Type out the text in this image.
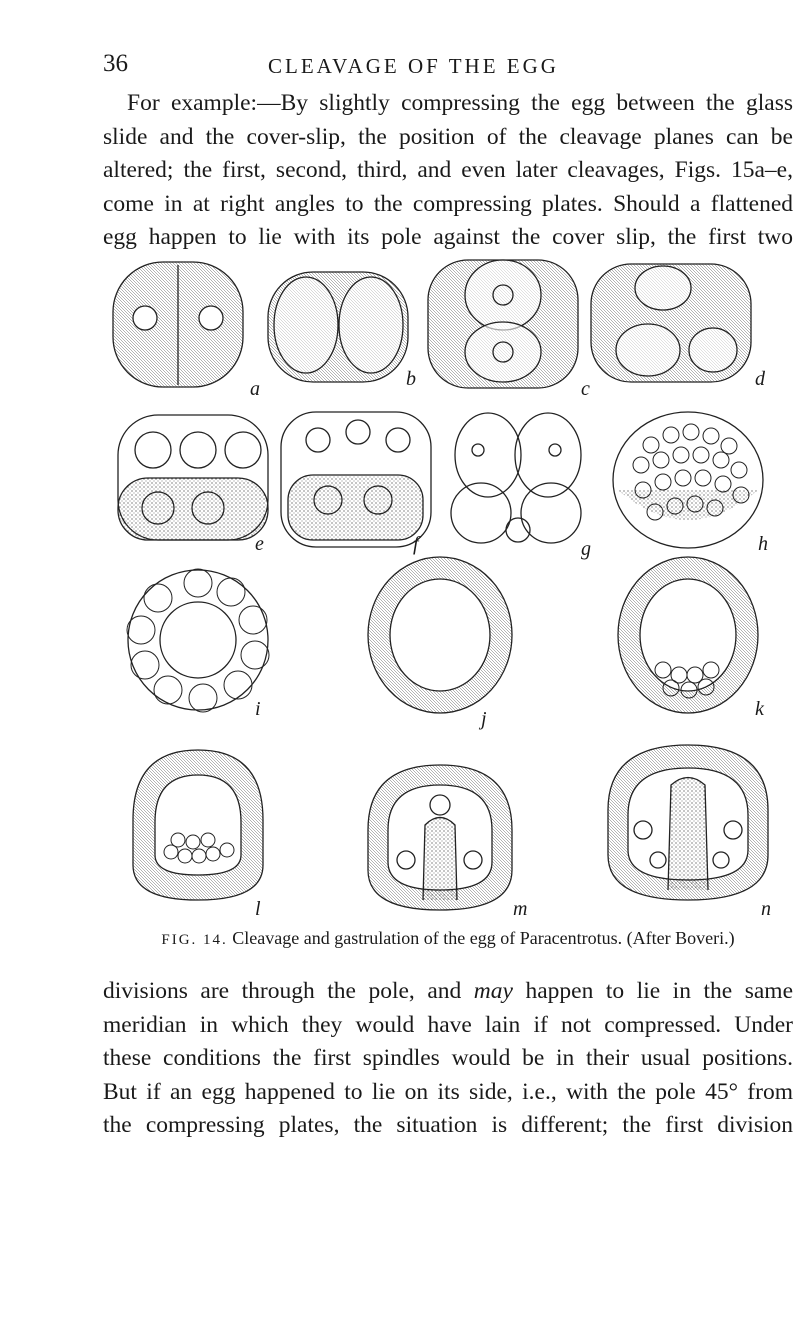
36	CLEAVAGE OF THE EGG
For example:—By slightly compressing the egg between the glass
slide and the cover-slip, the position of the cleavage planes can be
altered; the first, second, third, and even later cleavages, Figs. 15a–e,
come in at right angles to the compressing plates. Should a flattened
egg happen to lie with its pole against the cover slip, the first two
a	b	c	d
e	f	g	h
i	j	k
l	m	n
FIG. 14. Cleavage and gastrulation of the egg of Paracentrotus. (After Boveri.)
divisions are through the pole, and may happen to lie in the same
meridian in which they would have lain if not compressed. Under
these conditions the first spindles would be in their usual positions.
But if an egg happened to lie on its side, i.e., with the pole 45° from
the compressing plates, the situation is different; the first division
